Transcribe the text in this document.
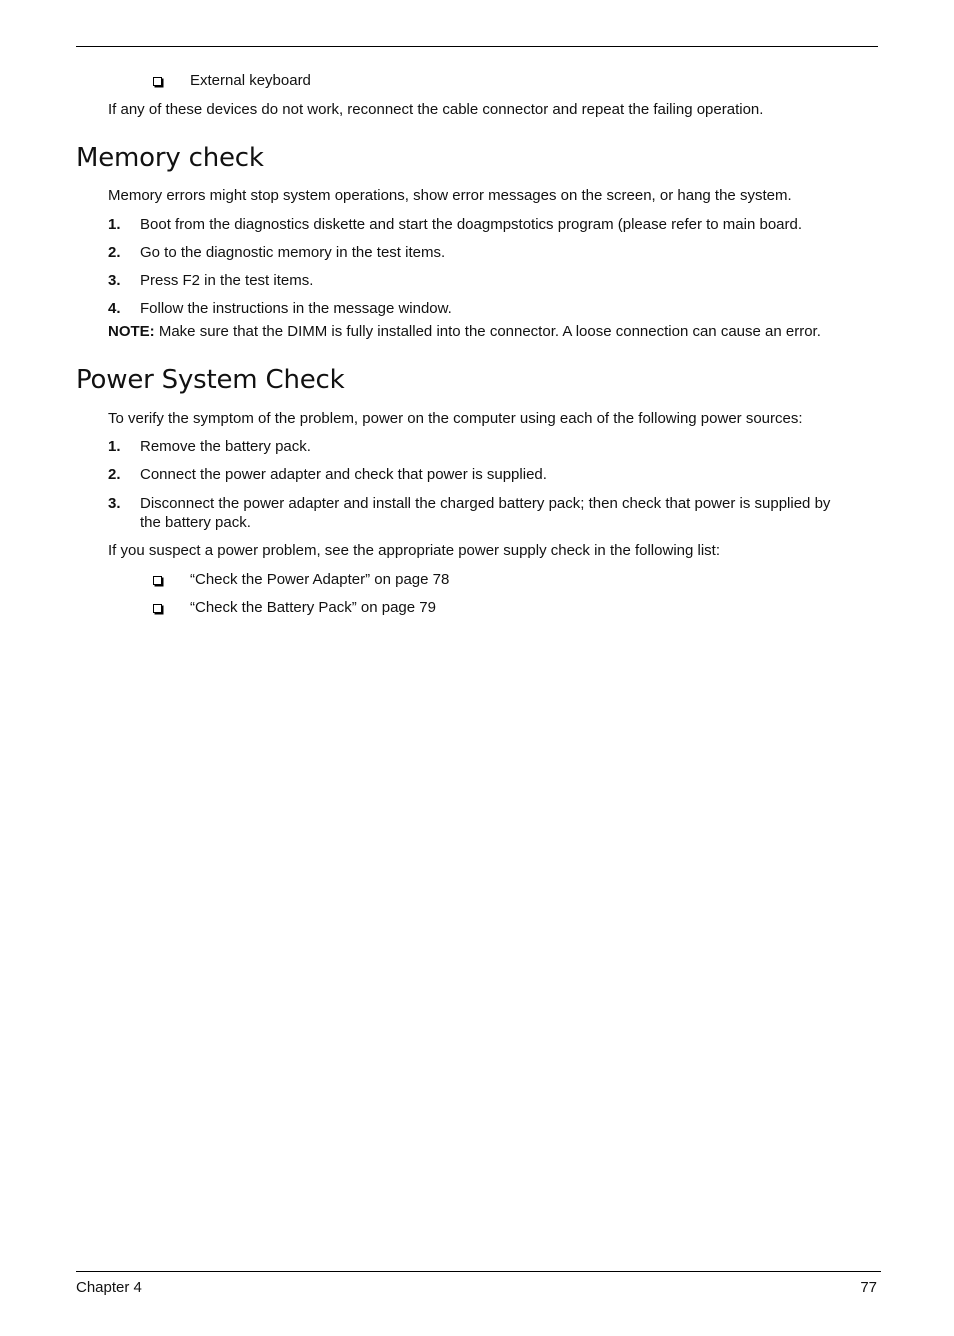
External keyboard
If any of these devices do not work, reconnect the cable connector and repeat the failing operation.
Memory check
Memory errors might stop system operations, show error messages on the screen, or hang the system.
1. Boot from the diagnostics diskette and start the doagmpstotics program (please refer to main board.
2. Go to the diagnostic memory in the test items.
3. Press F2 in the test items.
4. Follow the instructions in the message window.
NOTE: Make sure that the DIMM is fully installed into the connector. A loose connection can cause an error.
Power System Check
To verify the symptom of the problem, power on the computer using each of the following power sources:
1. Remove the battery pack.
2. Connect the power adapter and check that power is supplied.
3. Disconnect the power adapter and install the charged battery pack; then check that power is supplied by
the battery pack.
If you suspect a power problem, see the appropriate power supply check in the following list:
“Check the Power Adapter” on page 78
“Check the Battery Pack” on page 79
Chapter 4	77
